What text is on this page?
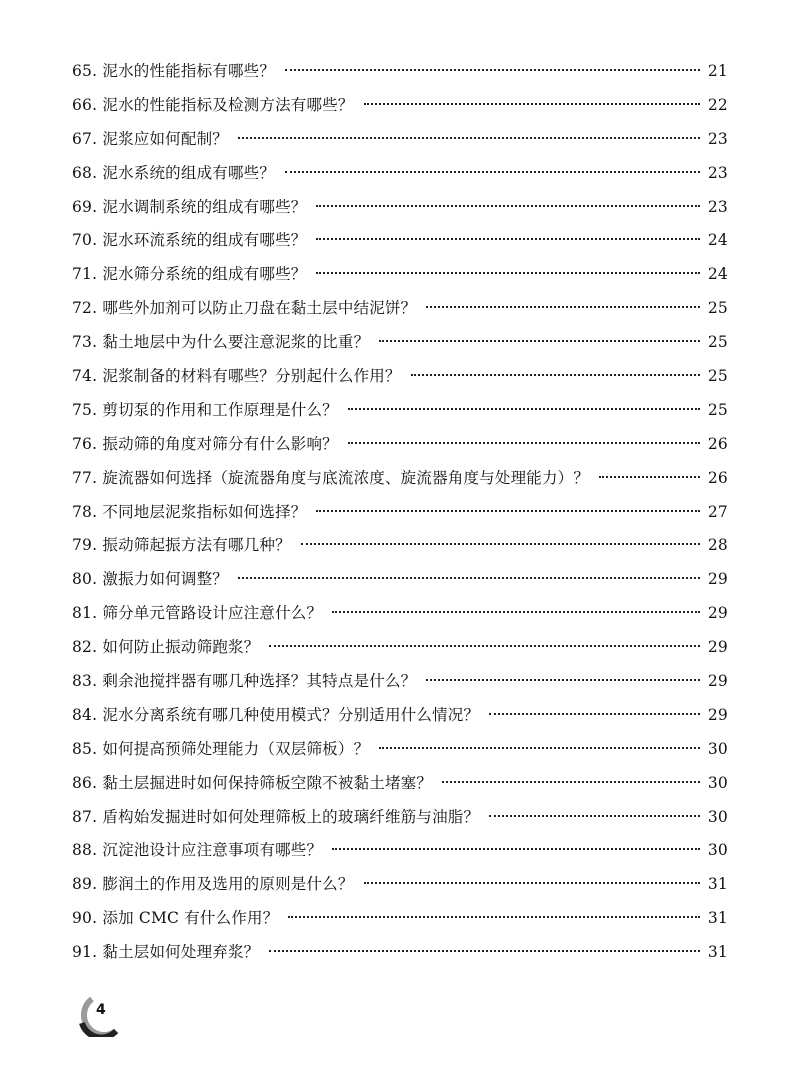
65. 泥水的性能指标有哪些？	21
66. 泥水的性能指标及检测方法有哪些？	22
67. 泥浆应如何配制？	23
68. 泥水系统的组成有哪些？	23
69. 泥水调制系统的组成有哪些？	23
70. 泥水环流系统的组成有哪些？	24
71. 泥水筛分系统的组成有哪些？	24
72. 哪些外加剂可以防止刀盘在黏土层中结泥饼？	25
73. 黏土地层中为什么要注意泥浆的比重？	25
74. 泥浆制备的材料有哪些？分别起什么作用？	25
75. 剪切泵的作用和工作原理是什么？	25
76. 振动筛的角度对筛分有什么影响？	26
77. 旋流器如何选择（旋流器角度与底流浓度、旋流器角度与处理能力）？	26
78. 不同地层泥浆指标如何选择？	27
79. 振动筛起振方法有哪几种？	28
80. 激振力如何调整？	29
81. 筛分单元管路设计应注意什么？	29
82. 如何防止振动筛跑浆？	29
83. 剩余池搅拌器有哪几种选择？其特点是什么？	29
84. 泥水分离系统有哪几种使用模式？分别适用什么情况？	29
85. 如何提高预筛处理能力（双层筛板）？	30
86. 黏土层掘进时如何保持筛板空隙不被黏土堵塞？	30
87. 盾构始发掘进时如何处理筛板上的玻璃纤维筋与油脂？	30
88. 沉淀池设计应注意事项有哪些？	30
89. 膨润土的作用及选用的原则是什么？	31
90. 添加 CMC 有什么作用？	31
91. 黏土层如何处理弃浆？	31
4
